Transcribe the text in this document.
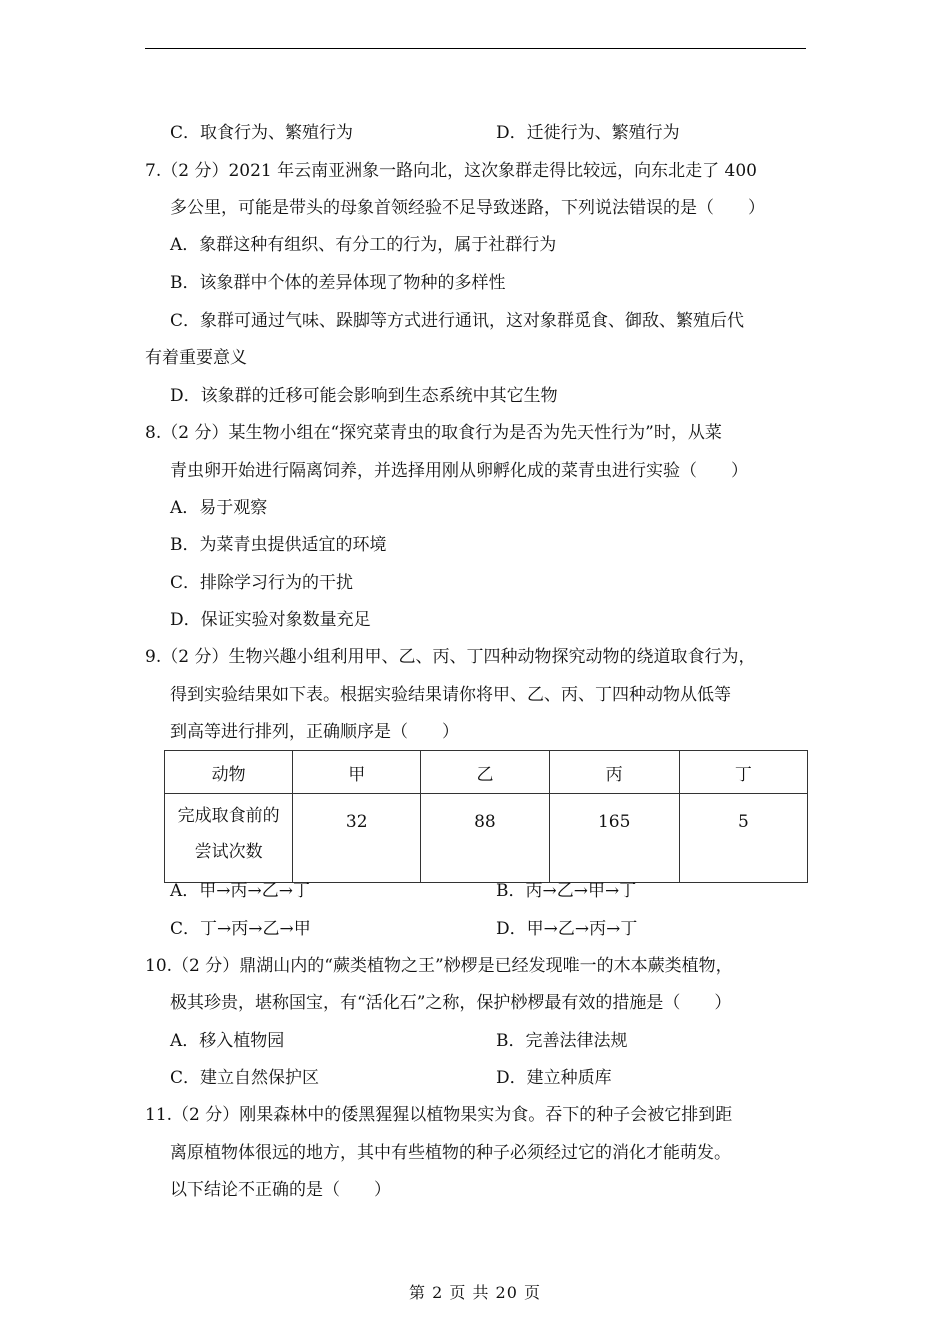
C．取食行为、繁殖行为	D．迁徙行为、繁殖行为
7.（2 分）2021 年云南亚洲象一路向北，这次象群走得比较远，向东北走了 400
多公里，可能是带头的母象首领经验不足导致迷路，下列说法错误的是（　　）
A．象群这种有组织、有分工的行为，属于社群行为
B．该象群中个体的差异体现了物种的多样性
C．象群可通过气味、跺脚等方式进行通讯，这对象群觅食、御敌、繁殖后代
有着重要意义
D．该象群的迁移可能会影响到生态系统中其它生物
8.（2 分）某生物小组在“探究菜青虫的取食行为是否为先天性行为”时，从菜
青虫卵开始进行隔离饲养，并选择用刚从卵孵化成的菜青虫进行实验（　　）
A．易于观察
B．为菜青虫提供适宜的环境
C．排除学习行为的干扰
D．保证实验对象数量充足
9.（2 分）生物兴趣小组利用甲、乙、丙、丁四种动物探究动物的绕道取食行为，
得到实验结果如下表。根据实验结果请你将甲、乙、丙、丁四种动物从低等
到高等进行排列，正确顺序是（　　）
动物	甲	乙	丙	丁

完成取食前的
尝试次数	32	88	165	5
A．甲→丙→乙→丁	B．丙→乙→甲→丁
C．丁→丙→乙→甲	D．甲→乙→丙→丁
10.（2 分）鼎湖山内的“蕨类植物之王”桫椤是已经发现唯一的木本蕨类植物，
极其珍贵，堪称国宝，有“活化石”之称，保护桫椤最有效的措施是（　　）
A．移入植物园	B．完善法律法规
C．建立自然保护区	D．建立种质库
11.（2 分）刚果森林中的倭黑猩猩以植物果实为食。吞下的种子会被它排到距
离原植物体很远的地方，其中有些植物的种子必须经过它的消化才能萌发。
以下结论不正确的是（　　）
第 2 页 共 20 页
